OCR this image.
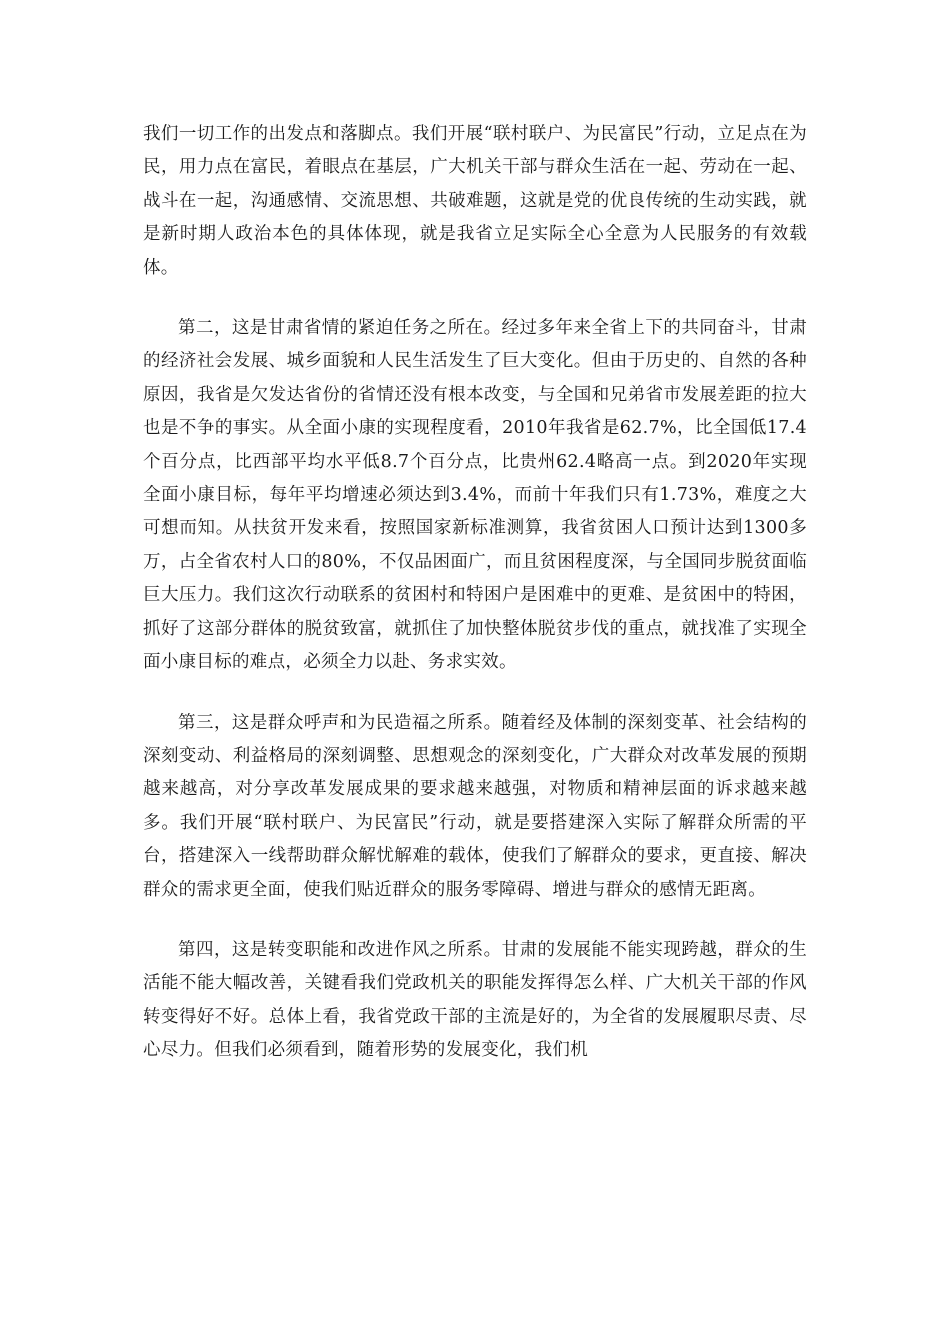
我们一切工作的出发点和落脚点。我们开展“联村联户、为民富民”行动，立足点在为民，用力点在富民，着眼点在基层，广大机关干部与群众生活在一起、劳动在一起、战斗在一起，沟通感情、交流思想、共破难题，这就是党的优良传统的生动实践，就是新时期人政治本色的具体体现，就是我省立足实际全心全意为人民服务的有效载体。

第二，这是甘肃省情的紧迫任务之所在。经过多年来全省上下的共同奋斗，甘肃的经济社会发展、城乡面貌和人民生活发生了巨大变化。但由于历史的、自然的各种原因，我省是欠发达省份的省情还没有根本改变，与全国和兄弟省市发展差距的拉大也是不争的事实。从全面小康的实现程度看，2010年我省是62.7%，比全国低17.4个百分点，比西部平均水平低8.7个百分点，比贵州62.4略高一点。到2020年实现全面小康目标，每年平均增速必须达到3.4%，而前十年我们只有1.73%，难度之大可想而知。从扶贫开发来看，按照国家新标准测算，我省贫困人口预计达到1300多万，占全省农村人口的80%，不仅品困面广，而且贫困程度深，与全国同步脱贫面临巨大压力。我们这次行动联系的贫困村和特困户是困难中的更难、是贫困中的特困，抓好了这部分群体的脱贫致富，就抓住了加快整体脱贫步伐的重点，就找准了实现全面小康目标的难点，必须全力以赴、务求实效。

第三，这是群众呼声和为民造福之所系。随着经及体制的深刻变革、社会结构的深刻变动、利益格局的深刻调整、思想观念的深刻变化，广大群众对改革发展的预期越来越高，对分享改革发展成果的要求越来越强，对物质和精神层面的诉求越来越多。我们开展“联村联户、为民富民”行动，就是要搭建深入实际了解群众所需的平台，搭建深入一线帮助群众解忧解难的载体，使我们了解群众的要求，更直接、解决群众的需求更全面，使我们贴近群众的服务零障碍、增进与群众的感情无距离。

第四，这是转变职能和改进作风之所系。甘肃的发展能不能实现跨越，群众的生活能不能大幅改善，关键看我们党政机关的职能发挥得怎么样、广大机关干部的作风转变得好不好。总体上看，我省党政干部的主流是好的，为全省的发展履职尽责、尽心尽力。但我们必须看到，随着形势的发展变化，我们机
